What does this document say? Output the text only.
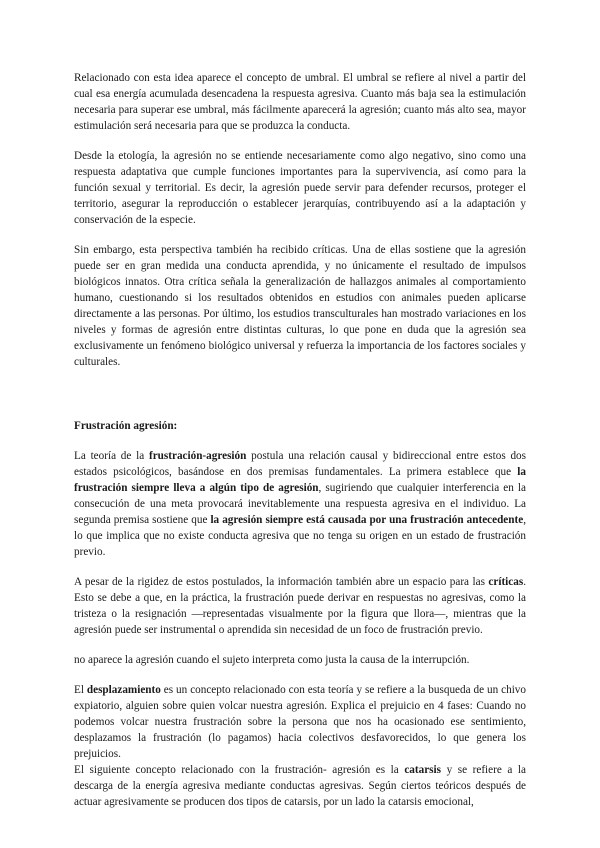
Relacionado con esta idea aparece el concepto de umbral. El umbral se refiere al nivel a partir del cual esa energía acumulada desencadena la respuesta agresiva. Cuanto más baja sea la estimulación necesaria para superar ese umbral, más fácilmente aparecerá la agresión; cuanto más alto sea, mayor estimulación será necesaria para que se produzca la conducta.

Desde la etología, la agresión no se entiende necesariamente como algo negativo, sino como una respuesta adaptativa que cumple funciones importantes para la supervivencia, así como para la función sexual y territorial. Es decir, la agresión puede servir para defender recursos, proteger el territorio, asegurar la reproducción o establecer jerarquías, contribuyendo así a la adaptación y conservación de la especie.

Sin embargo, esta perspectiva también ha recibido críticas. Una de ellas sostiene que la agresión puede ser en gran medida una conducta aprendida, y no únicamente el resultado de impulsos biológicos innatos. Otra crítica señala la generalización de hallazgos animales al comportamiento humano, cuestionando si los resultados obtenidos en estudios con animales pueden aplicarse directamente a las personas. Por último, los estudios transculturales han mostrado variaciones en los niveles y formas de agresión entre distintas culturas, lo que pone en duda que la agresión sea exclusivamente un fenómeno biológico universal y refuerza la importancia de los factores sociales y culturales.

Frustración agresión:

La teoría de la frustración-agresión postula una relación causal y bidireccional entre estos dos estados psicológicos, basándose en dos premisas fundamentales. La primera establece que la frustración siempre lleva a algún tipo de agresión, sugiriendo que cualquier interferencia en la consecución de una meta provocará inevitablemente una respuesta agresiva en el individuo. La segunda premisa sostiene que la agresión siempre está causada por una frustración antecedente, lo que implica que no existe conducta agresiva que no tenga su origen en un estado de frustración previo.

A pesar de la rigidez de estos postulados, la información también abre un espacio para las críticas. Esto se debe a que, en la práctica, la frustración puede derivar en respuestas no agresivas, como la tristeza o la resignación —representadas visualmente por la figura que llora—, mientras que la agresión puede ser instrumental o aprendida sin necesidad de un foco de frustración previo.

no aparece la agresión cuando el sujeto interpreta como justa la causa de la interrupción.

El desplazamiento es un concepto relacionado con esta teoría y se refiere a la busqueda de un chivo expiatorio, alguien sobre quien volcar nuestra agresión. Explica el prejuicio en 4 fases: Cuando no podemos volcar nuestra frustración sobre la persona que nos ha ocasionado ese sentimiento, desplazamos la frustración (lo pagamos) hacia colectivos desfavorecidos, lo que genera los prejuicios.

El siguiente concepto relacionado con la frustración- agresión es la catarsis y se refiere a la descarga de la energía agresiva mediante conductas agresivas. Según ciertos teóricos después de actuar agresivamente se producen dos tipos de catarsis, por un lado la catarsis emocional,
